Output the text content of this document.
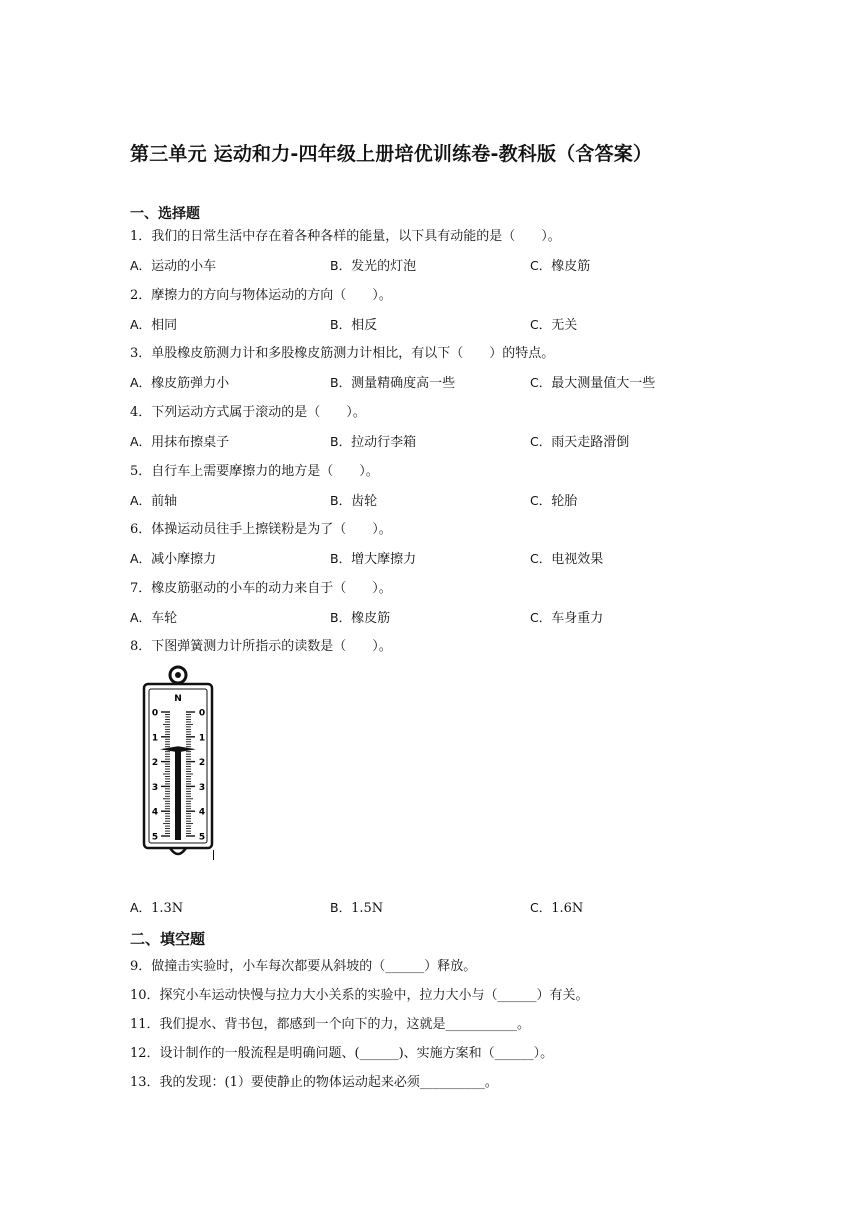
第三单元 运动和力-四年级上册培优训练卷-教科版（含答案）
一、选择题
1．我们的日常生活中存在着各种各样的能量，以下具有动能的是（　　）。
A．运动的小车	B．发光的灯泡	C．橡皮筋
2．摩擦力的方向与物体运动的方向（　　）。
A．相同	B．相反	C．无关
3．单股橡皮筋测力计和多股橡皮筋测力计相比，有以下（　　）的特点。
A．橡皮筋弹力小	B．测量精确度高一些	C．最大测量值大一些
4．下列运动方式属于滚动的是（　　）。
A．用抹布擦桌子	B．拉动行李箱	C．雨天走路滑倒
5．自行车上需要摩擦力的地方是（　　）。
A．前轴	B．齿轮	C．轮胎
6．体操运动员往手上擦镁粉是为了（　　）。
A．减小摩擦力	B．增大摩擦力	C．电视效果
7．橡皮筋驱动的小车的动力来自于（　　）。
A．车轮	B．橡皮筋	C．车身重力
8．下图弹簧测力计所指示的读数是（　　）。
N
0
1
2
3
4
5
0
1
2
3
4
5
A．1.3N	B．1.5N	C．1.6N
二、填空题
9．做撞击实验时，小车每次都要从斜坡的（______）释放。
10．探究小车运动快慢与拉力大小关系的实验中，拉力大小与（______）有关。
11．我们提水、背书包，都感到一个向下的力，这就是___________。
12．设计制作的一般流程是明确问题、(______)、实施方案和（______）。
13．我的发现：(1）要使静止的物体运动起来必须__________。
